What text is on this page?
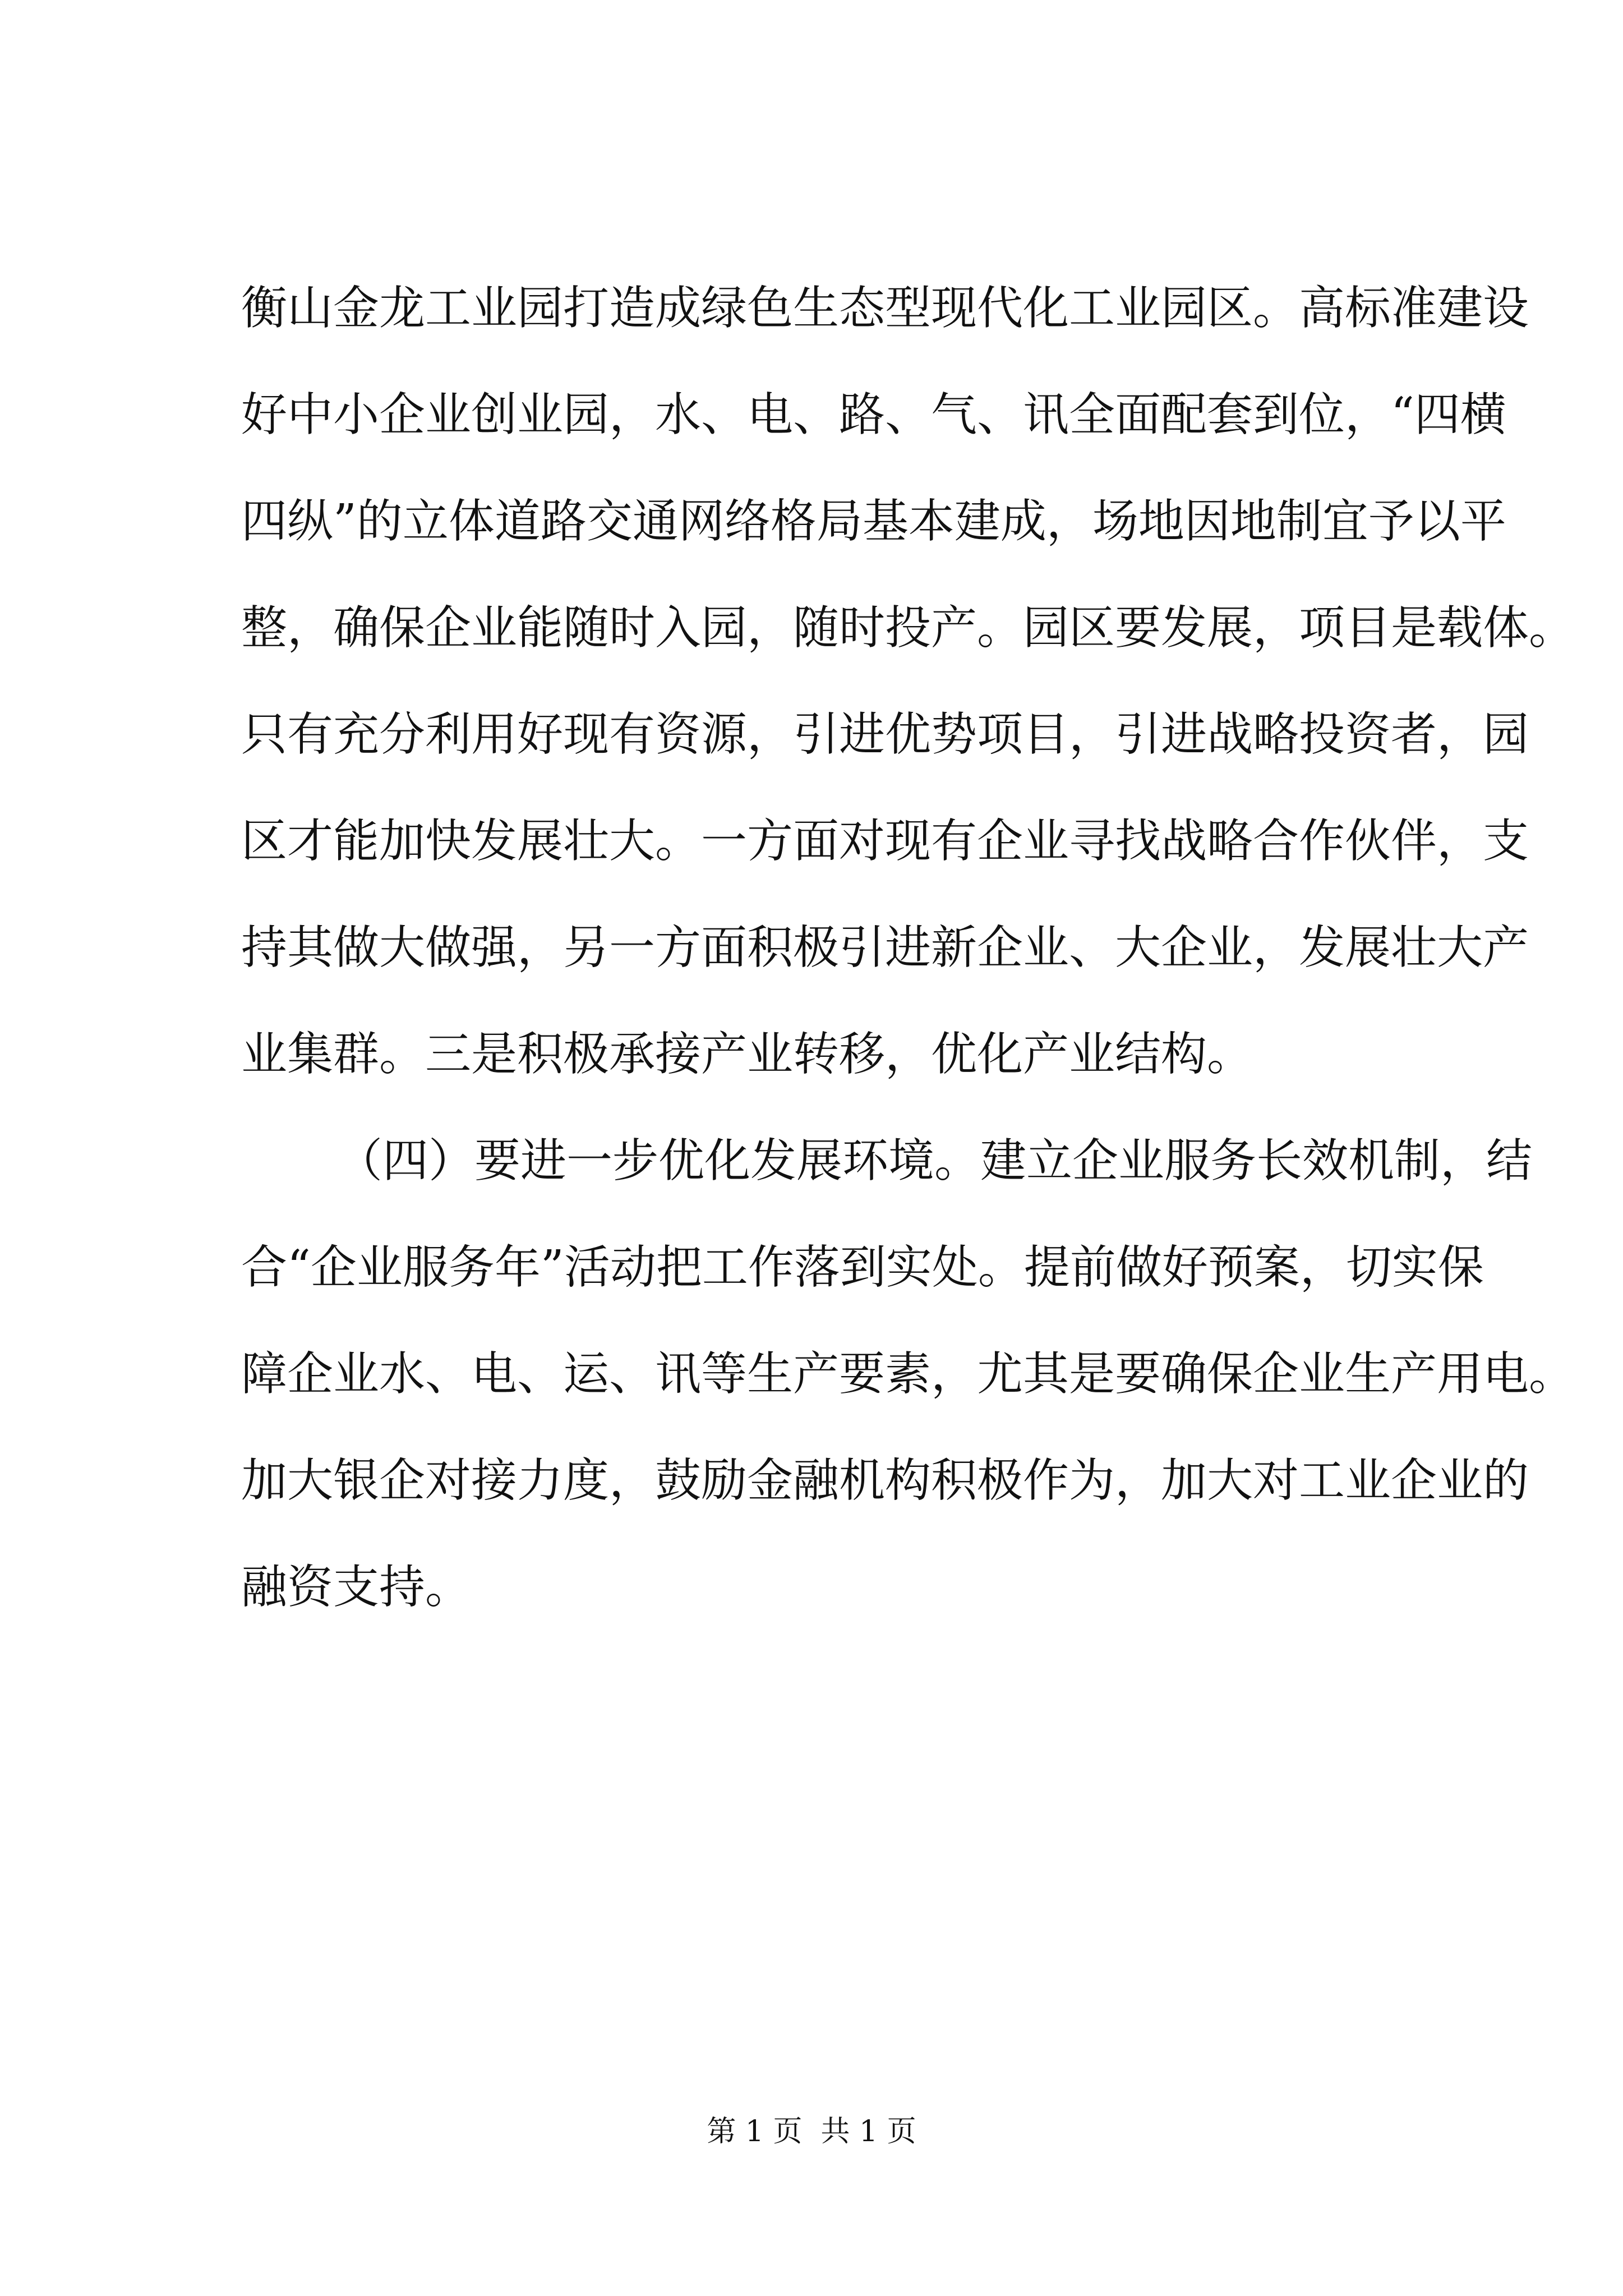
衡山金龙工业园打造成绿色生态型现代化工业园区。高标准建设
好中小企业创业园，水、电、路、气、讯全面配套到位，“四横
四纵”的立体道路交通网络格局基本建成，场地因地制宜予以平
整，确保企业能随时入园，随时投产。园区要发展，项目是载体。
只有充分利用好现有资源，引进优势项目，引进战略投资者，园
区才能加快发展壮大。一方面对现有企业寻找战略合作伙伴，支
持其做大做强，另一方面积极引进新企业、大企业，发展壮大产
业集群。三是积极承接产业转移，优化产业结构。
（四）要进一步优化发展环境。建立企业服务长效机制，结
合“企业服务年”活动把工作落到实处。提前做好预案，切实保
障企业水、电、运、讯等生产要素，尤其是要确保企业生产用电。
加大银企对接力度，鼓励金融机构积极作为，加大对工业企业的
融资支持。
第 1 页  共 1 页
